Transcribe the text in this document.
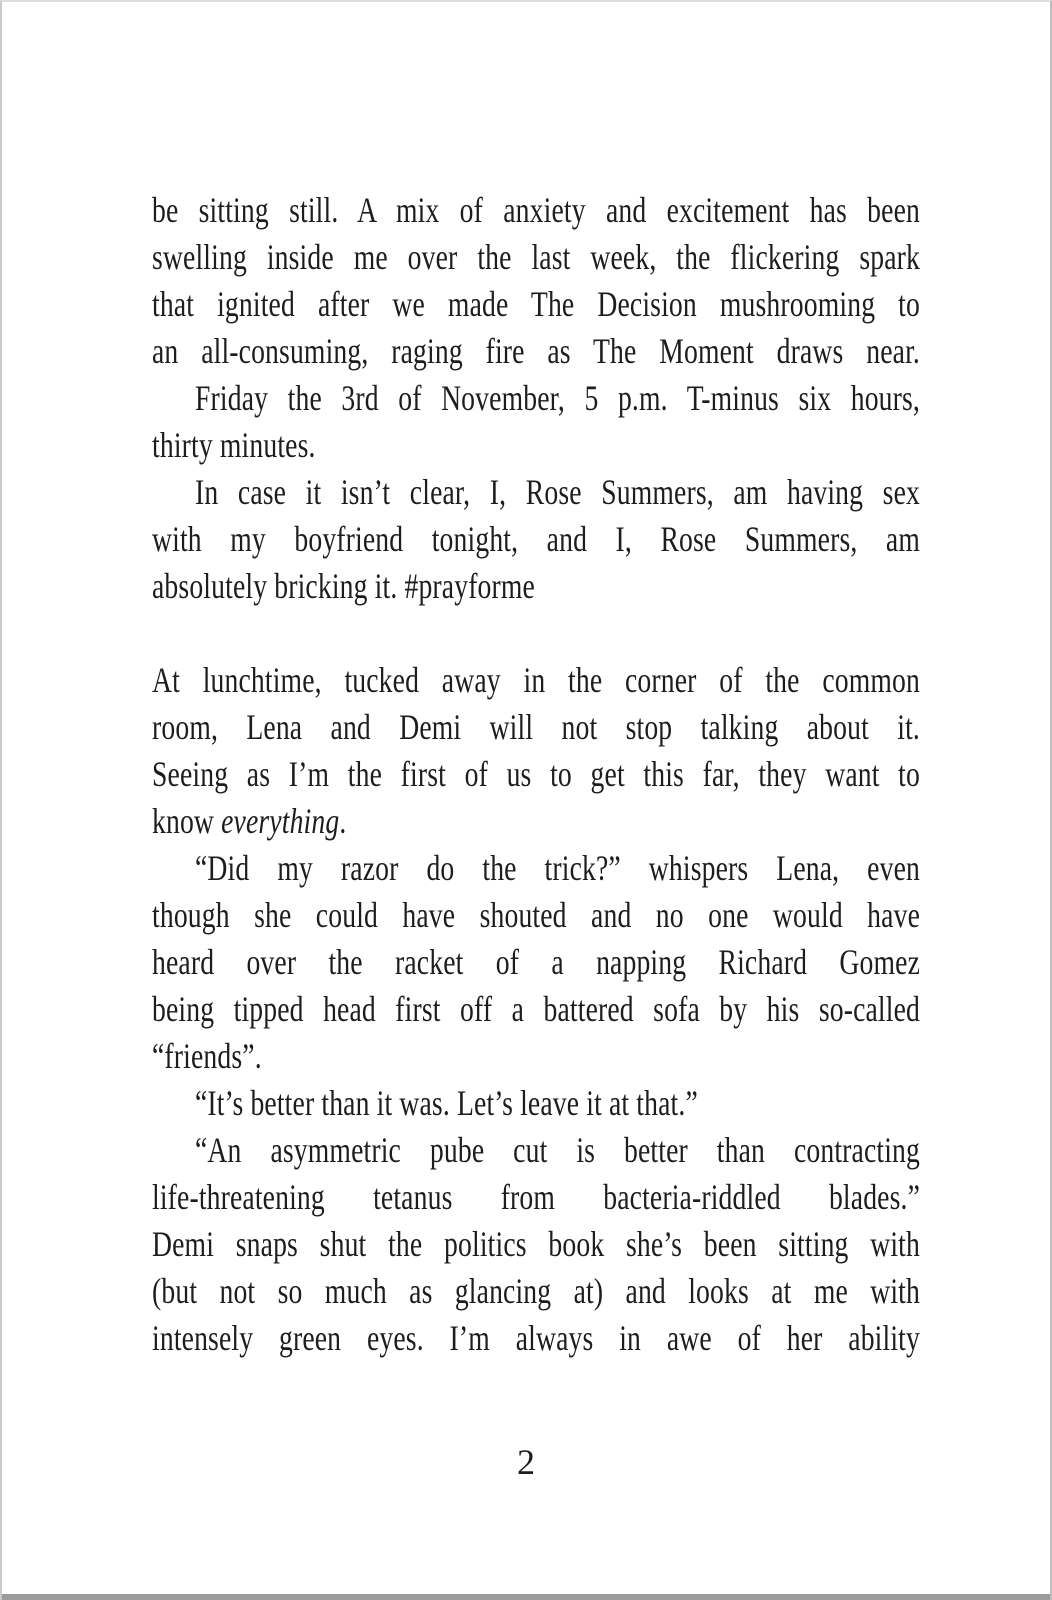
be sitting still. A mix of anxiety and excitement has been
swelling inside me over the last week, the flickering spark
that ignited after we made The Decision mushrooming to
an all-consuming, raging fire as The Moment draws near.
Friday the 3rd of November, 5 p.m. T-minus six hours,
thirty minutes.
In case it isn’t clear, I, Rose Summers, am having sex
with my boyfriend tonight, and I, Rose Summers, am
absolutely bricking it. #prayforme
At lunchtime, tucked away in the corner of the common
room, Lena and Demi will not stop talking about it.
Seeing as I’m the first of us to get this far, they want to
know everything.
“Did my razor do the trick?” whispers Lena, even
though she could have shouted and no one would have
heard over the racket of a napping Richard Gomez
being tipped head first off a battered sofa by his so-called
“friends”.
“It’s better than it was. Let’s leave it at that.”
“An asymmetric pube cut is better than contracting
life-threatening tetanus from bacteria-riddled blades.”
Demi snaps shut the politics book she’s been sitting with
(but not so much as glancing at) and looks at me with
intensely green eyes. I’m always in awe of her ability
2
